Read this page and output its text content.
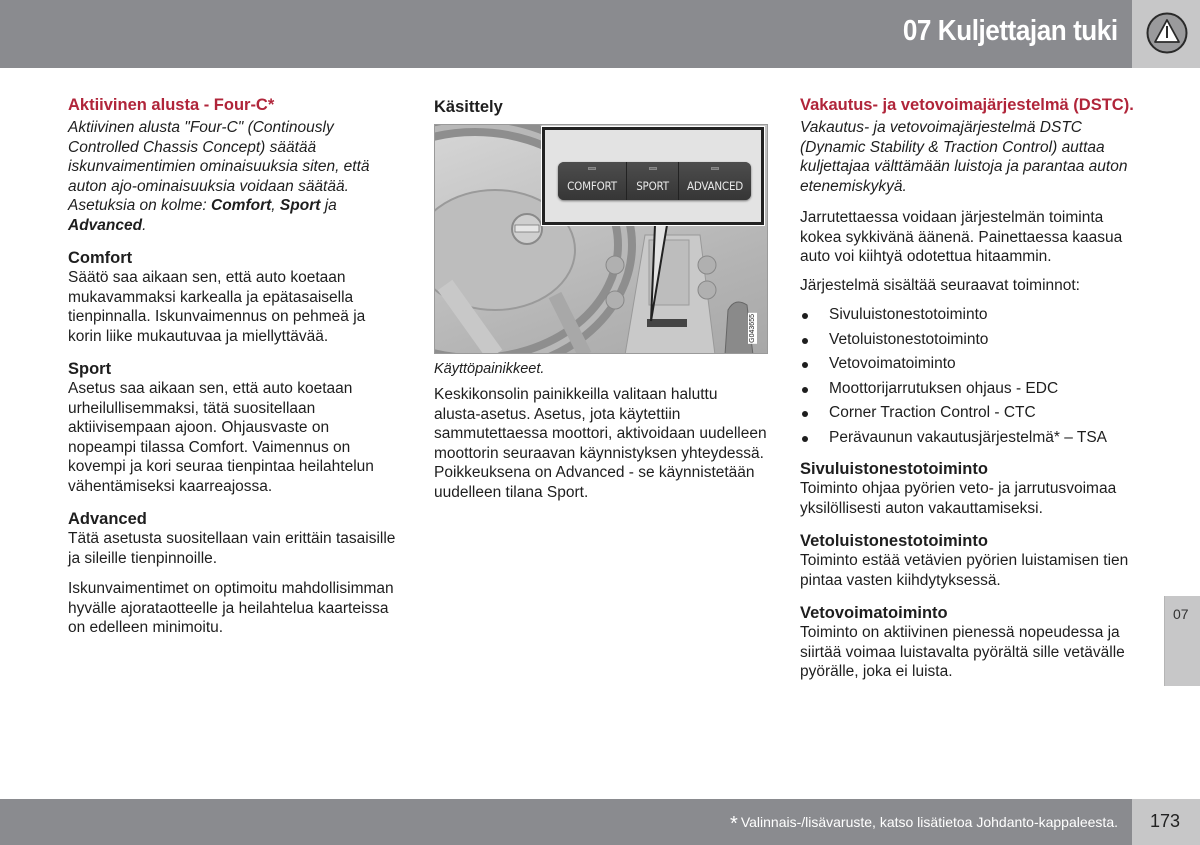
07 Kuljettajan tuki
Aktiivinen alusta - Four-C*

Aktiivinen alusta "Four-C" (Continously Controlled Chassis Concept) säätää iskunvaimentimien ominaisuuksia siten, että auton ajo-ominaisuuksia voidaan säätää. Asetuksia on kolme: Comfort, Sport ja Advanced.

Comfort

Säätö saa aikaan sen, että auto koetaan mukavammaksi karkealla ja epätasaisella tienpinnalla. Iskunvaimennus on pehmeä ja korin liike mukautuvaa ja miellyttävää.

Sport

Asetus saa aikaan sen, että auto koetaan urheilullisemmaksi, tätä suositellaan aktiivisempaan ajoon. Ohjausvaste on nopeampi tilassa Comfort. Vaimennus on kovempi ja kori seuraa tienpintaa heilahtelun vähentämiseksi kaarreajossa.

Advanced

Tätä asetusta suositellaan vain erittäin tasaisille ja sileille tienpinnoille.

Iskunvaimentimet on optimoitu mahdollisimman hyvälle ajorataotteelle ja heilahtelua kaarteissa on edelleen minimoitu.

Käsittely
COMFORT SPORT ADVANCED
G043655

Käyttöpainikkeet.

Keskikonsolin painikkeilla valitaan haluttu alusta-asetus. Asetus, jota käytettiin sammutettaessa moottori, aktivoidaan uudelleen moottorin seuraavan käynnistyksen yhteydessä. Poikkeuksena on Advanced - se käynnistetään uudelleen tilana Sport.

Vakautus- ja vetovoimajärjestelmä (DSTC).

Vakautus- ja vetovoimajärjestelmä DSTC (Dynamic Stability & Traction Control) auttaa kuljettajaa välttämään luistoja ja parantaa auton etenemiskykyä.

Jarrutettaessa voidaan järjestelmän toiminta kokea sykkivänä äänenä. Painettaessa kaasua auto voi kiihtyä odotettua hitaammin.

Järjestelmä sisältää seuraavat toiminnot:

Sivuluistonestotoiminto
Vetoluistonestotoiminto
Vetovoimatoiminto
Moottorijarrutuksen ohjaus - EDC
Corner Traction Control - CTC
Perävaunun vakautusjärjestelmä* – TSA
Sivuluistonestotoiminto

Toiminto ohjaa pyörien veto- ja jarrutusvoimaa yksilöllisesti auton vakauttamiseksi.

Vetoluistonestotoiminto

Toiminto estää vetävien pyörien luistamisen tien pintaa vasten kiihdytyksessä.

Vetovoimatoiminto

Toiminto on aktiivinen pienessä nopeudessa ja siirtää voimaa luistavalta pyörältä sille vetävälle pyörälle, joka ei luista.

07
* Valinnais-/lisävaruste, katso lisätietoa Johdanto-kappaleesta. 173
